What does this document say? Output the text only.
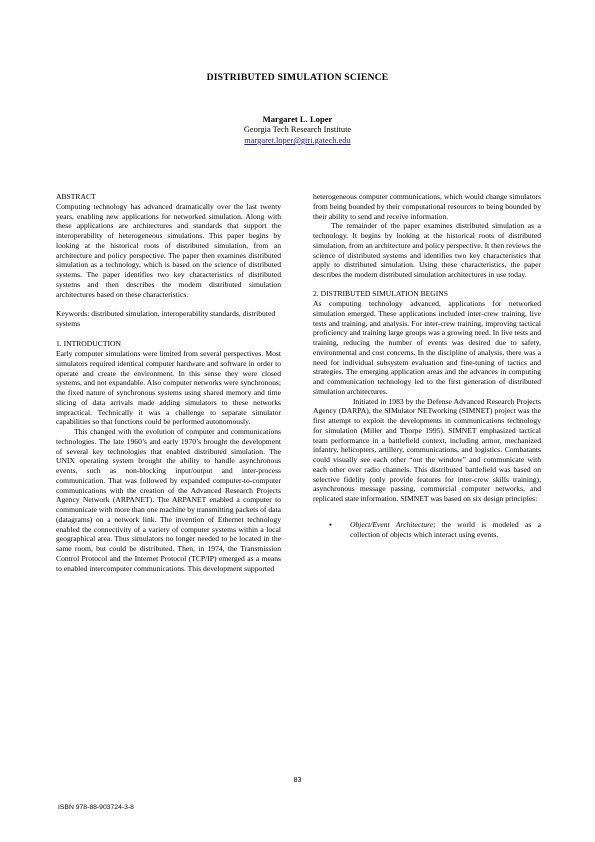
DISTRIBUTED SIMULATION SCIENCE
Margaret L. Loper
Georgia Tech Research Institute
margaret.loper@gtri.gatech.edu
ABSTRACT

Computing technology has advanced dramatically over the last twenty years, enabling new applications for networked simulation. Along with these applications are architectures and standards that support the interoperability of heterogeneous simulations. This paper begins by looking at the historical roots of distributed simulation, from an architecture and policy perspective. The paper then examines distributed simulation as a technology, which is based on the science of distributed systems. The paper identifies two key characteristics of distributed systems and then describes the modern distributed simulation architectures based on these characteristics.

Keywords: distributed simulation, interoperability standards, distributed systems

1. INTRODUCTION

Early computer simulations were limited from several perspectives. Most simulators required identical computer hardware and software in order to operate and create the environment. In this sense they were closed systems, and not expandable. Also computer networks were synchronous; the fixed nature of synchronous systems using shared memory and time slicing of data arrivals made adding simulators to these networks impractical. Technically it was a challenge to separate simulator capabilities so that functions could be performed autonomously.

This changed with the evolution of computer and communications technologies. The late 1960’s and early 1970’s brought the development of several key technologies that enabled distributed simulation. The UNIX operating system brought the ability to handle asynchronous events, such as non-blocking input/output and inter-process communication. That was followed by expanded computer-to-computer communications with the creation of the Advanced Research Projects Agency Network (ARPANET). The ARPANET enabled a computer to communicate with more than one machine by transmitting packets of data (datagrams) on a network link. The invention of Ethernet technology enabled the connectivity of a variety of computer systems within a local geographical area. Thus simulators no longer needed to be located in the same room, but could be distributed. Then, in 1974, the Transmission Control Protocol and the Internet Protocol (TCP/IP) emerged as a means to enabled intercomputer communications. This development supported

heterogeneous computer communications, which would change simulators from being bounded by their computational resources to being bounded by their ability to send and receive information.

The remainder of the paper examines distributed simulation as a technology. It begins by looking at the historical roots of distributed simulation, from an architecture and policy perspective. It then reviews the science of distributed systems and identifies two key characteristics that apply to distributed simulation. Using these characteristics, the paper describes the modern distributed simulation architectures in use today.

2. DISTRIBUTED SIMULATION BEGINS

As computing technology advanced, applications for networked simulation emerged. These applications included inter-crew training, live tests and training, and analysis. For inter-crew training, improving tactical proficiency and training large groups was a growing need. In live tests and training, reducing the number of events was desired due to safety, environmental and cost concerns. In the discipline of analysis, there was a need for individual subsystem evaluation and fine-tuning of tactics and strategies. The emerging application areas and the advances in computing and communication technology led to the first generation of distributed simulation architectures.

Initiated in 1983 by the Defense Advanced Research Projects Agency (DARPA), the SIMulator NETworking (SIMNET) project was the first attempt to exploit the developments in communications technology for simulation (Miller and Thorpe 1995). SIMNET emphasized tactical team performance in a battlefield context, including armor, mechanized infantry, helicopters, artillery, communications, and logistics. Combatants could visually see each other “out the window” and communicate with each other over radio channels. This distributed battlefield was based on selective fidelity (only provide features for inter-crew skills training), asynchronous message passing, commercial computer networks, and replicated state information. SIMNET was based on six design principles:

▪ Object/Event Architecture; the world is modeled as a collection of objects which interact using events.
83
ISBN 978-88-903724-3-8
